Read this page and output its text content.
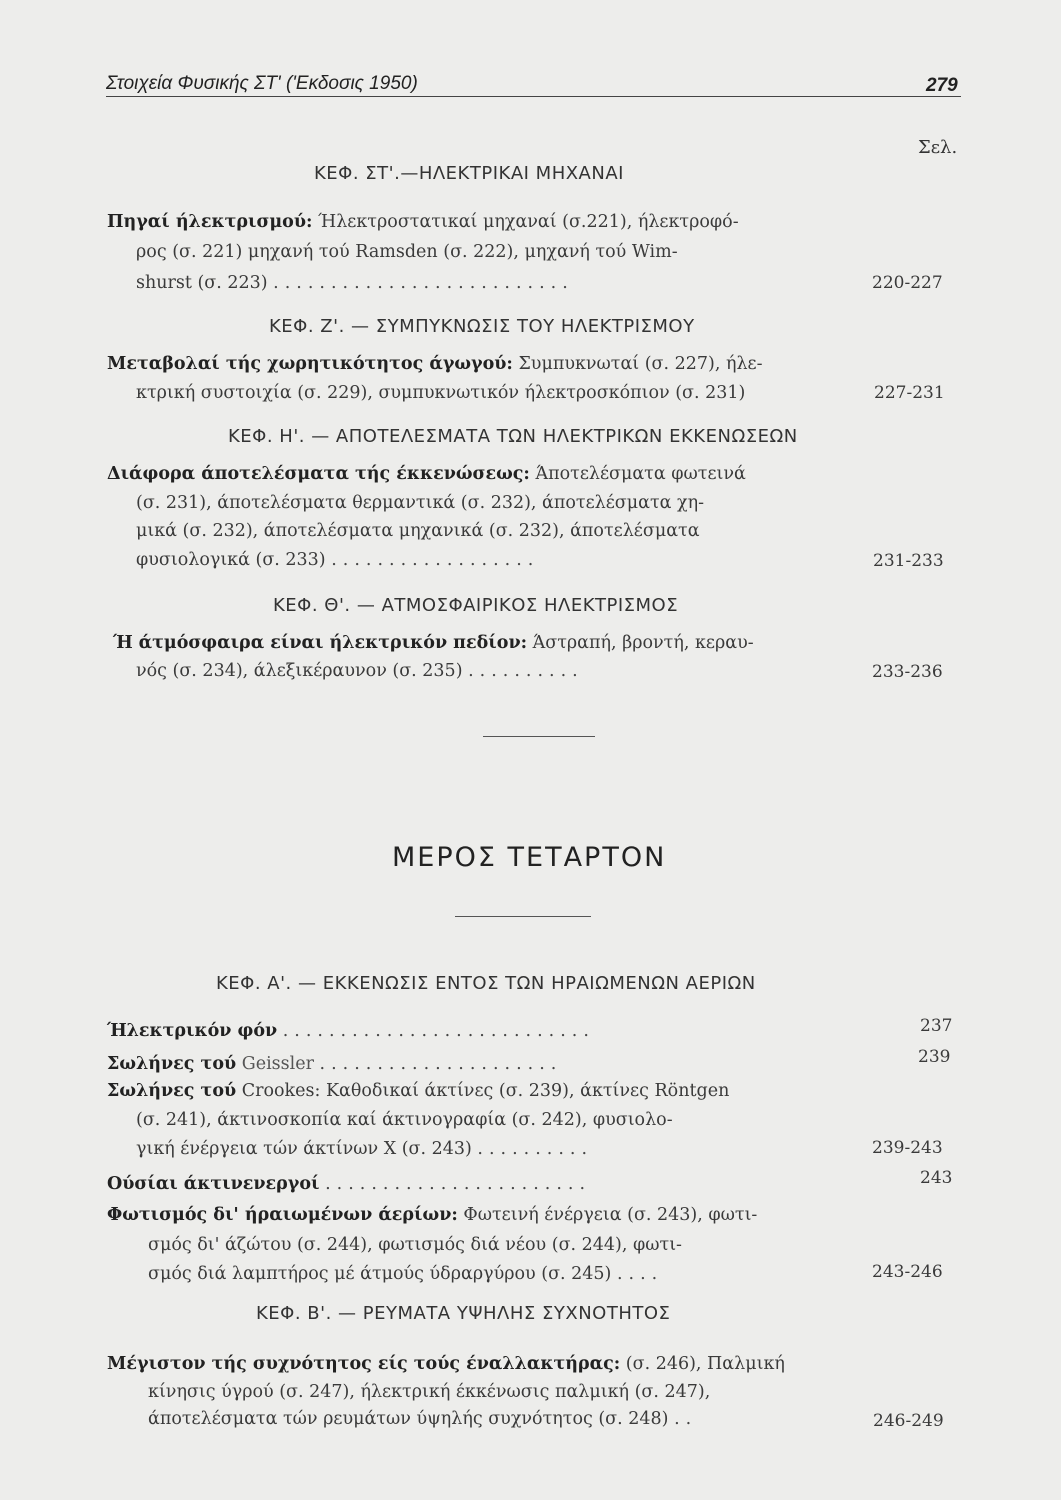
Στοιχεία Φυσικής ΣΤ' ('Εκδοσις 1950)	279
Σελ.
ΚΕΦ. ΣΤ'.—ΗΛΕΚΤΡΙΚΑΙ ΜΗΧΑΝΑΙ
Πηγαί ήλεκτρισμού: Ήλεκτροστατικαί μηχαναί (σ.221), ήλεκτροφό-
ρος (σ. 221) μηχανή τού Ramsden (σ. 222), μηχανή τού Wim-
shurst (σ. 223) ..........................	220-227
ΚΕΦ. Ζ'. — ΣΥΜΠΥΚΝΩΣΙΣ ΤΟΥ ΗΛΕΚΤΡΙΣΜΟΥ
Μεταβολαί τής χωρητικότητος άγωγού: Συμπυκνωταί (σ. 227), ήλε-
κτρική συστοιχία (σ. 229), συμπυκνωτικόν ήλεκτροσκόπιον (σ. 231)	227-231
ΚΕΦ. Η'. — ΑΠΟΤΕΛΕΣΜΑΤΑ ΤΩΝ ΗΛΕΚΤΡΙΚΩΝ ΕΚΚΕΝΩΣΕΩΝ
Διάφορα άποτελέσματα τής έκκενώσεως: Άποτελέσματα φωτεινά
(σ. 231), άποτελέσματα θερμαντικά (σ. 232), άποτελέσματα χη-
μικά (σ. 232), άποτελέσματα μηχανικά (σ. 232), άποτελέσματα
φυσιολογικά (σ. 233) ..................	231-233
ΚΕΦ. Θ'. — ΑΤΜΟΣΦΑΙΡΙΚΟΣ ΗΛΕΚΤΡΙΣΜΟΣ
Ή άτμόσφαιρα είναι ήλεκτρικόν πεδίον: Άστραπή, βροντή, κεραυ-
νός (σ. 234), άλεξικέραυνον (σ. 235) ..........	233-236
ΜΕΡΟΣ ΤΕΤΑΡΤΟΝ
ΚΕΦ. Α'. — ΕΚΚΕΝΩΣΙΣ ΕΝΤΟΣ ΤΩΝ ΗΡΑΙΩΜΕΝΩΝ ΑΕΡΙΩΝ
Ήλεκτρικόν φόν ...........................	237
Σωλήνες τού Geissler .....................	239
Σωλήνες τού Crookes: Καθοδικαί άκτίνες (σ. 239), άκτίνες Röntgen
(σ. 241), άκτινοσκοπία καί άκτινογραφία (σ. 242), φυσιολο-
γική ένέργεια τών άκτίνων Χ (σ. 243) ..........	239-243
Ούσίαι άκτινενεργοί .......................	243
Φωτισμός δι' ήραιωμένων άερίων: Φωτεινή ένέργεια (σ. 243), φωτι-
σμός δι' άζώτου (σ. 244), φωτισμός διά νέου (σ. 244), φωτι-
σμός διά λαμπτήρος μέ άτμούς ύδραργύρου (σ. 245) ....	243-246
ΚΕΦ. Β'. — ΡΕΥΜΑΤΑ ΥΨΗΛΗΣ ΣΥΧΝΟΤΗΤΟΣ
Μέγιστον τής συχνότητος είς τούς έναλλακτήρας: (σ. 246), Παλμική
κίνησις ύγρού (σ. 247), ήλεκτρική έκκένωσις παλμική (σ. 247),
άποτελέσματα τών ρευμάτων ύψηλής συχνότητος (σ. 248) ..	246-249
